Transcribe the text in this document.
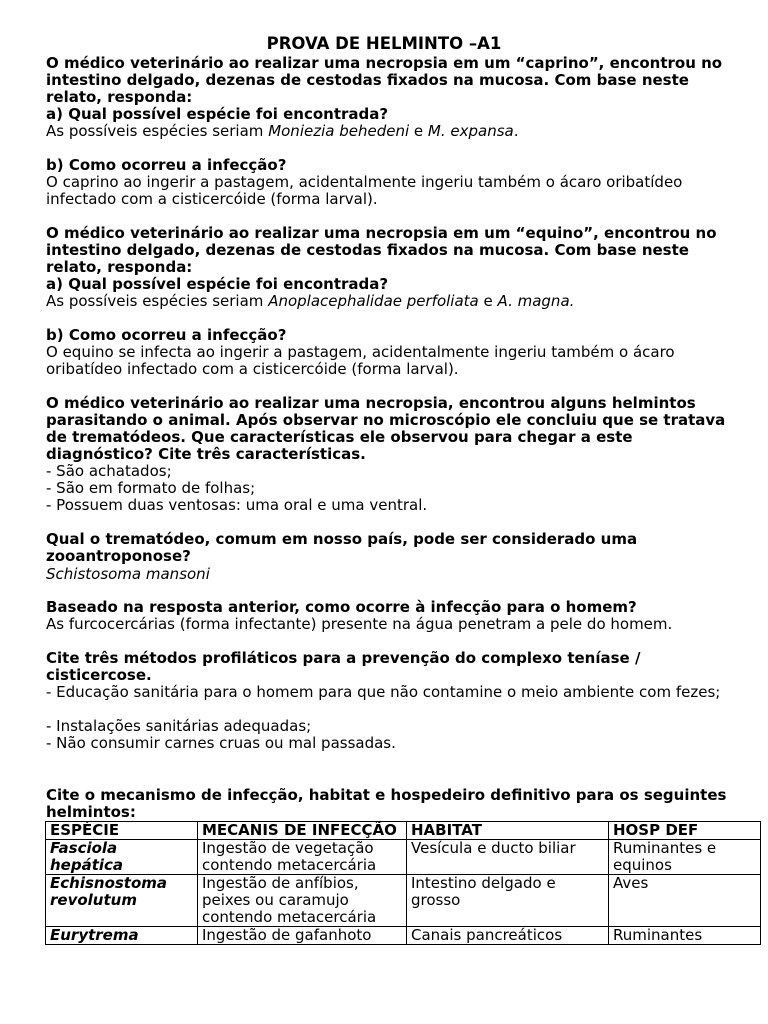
PROVA DE HELMINTO –A1

O médico veterinário ao realizar uma necropsia em um “caprino”, encontrou no intestino delgado, dezenas de cestodas fixados na mucosa. Com base neste relato, responda:

a) Qual possível espécie foi encontrada?

As possíveis espécies seriam Moniezia behedeni e M. expansa.

b) Como ocorreu a infecção?

O caprino ao ingerir a pastagem, acidentalmente ingeriu também o ácaro oribatídeo infectado com a cisticercóide (forma larval).

O médico veterinário ao realizar uma necropsia em um “equino”, encontrou no intestino delgado, dezenas de cestodas fixados na mucosa. Com base neste relato, responda:

a) Qual possível espécie foi encontrada?

As possíveis espécies seriam Anoplacephalidae perfoliata e A. magna.

b) Como ocorreu a infecção?

O equino se infecta ao ingerir a pastagem, acidentalmente ingeriu também o ácaro oribatídeo infectado com a cisticercóide (forma larval).

O médico veterinário ao realizar uma necropsia, encontrou alguns helmintos parasitando o animal. Após observar no microscópio ele concluiu que se tratava de trematódeos. Que características ele observou para chegar a este diagnóstico? Cite três características.

- São achatados;

- São em formato de folhas;

- Possuem duas ventosas: uma oral e uma ventral.

Qual o trematódeo, comum em nosso país, pode ser considerado uma zooantroponose?

Schistosoma mansoni

Baseado na resposta anterior, como ocorre à infecção para o homem?

As furcocercárias (forma infectante) presente na água penetram a pele do homem.

Cite três métodos profiláticos para a prevenção do complexo teníase / cisticercose.

- Educação sanitária para o homem para que não contamine o meio ambiente com fezes;

- Instalações sanitárias adequadas;

- Não consumir carnes cruas ou mal passadas.

Cite o mecanismo de infecção, habitat e hospedeiro definitivo para os seguintes helmintos:

ESPÉCIE	MECANIS DE INFECÇÃO	HABITAT	HOSP DEF
Fasciola hepática	Ingestão de vegetação contendo metacercária	Vesícula e ducto biliar	Ruminantes e equinos
Echisnostoma revolutum	Ingestão de anfíbios, peixes ou caramujo contendo metacercária	Intestino delgado e grosso	Aves
Eurytrema	Ingestão de gafanhoto	Canais pancreáticos	Ruminantes
